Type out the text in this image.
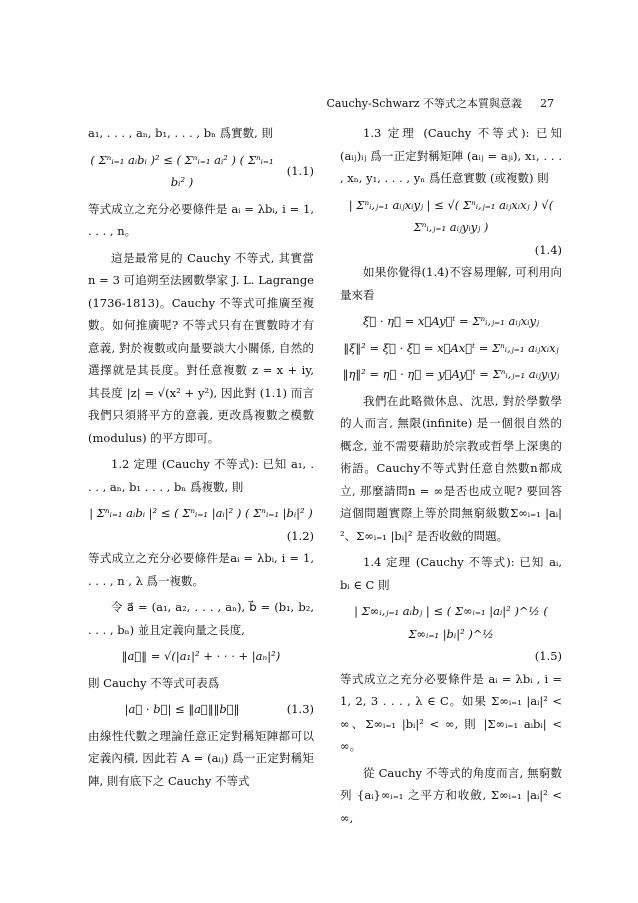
Cauchy-Schwarz 不等式之本質與意義 27

a₁, . . . , aₙ, b₁, . . . , bₙ 爲實數, 則

( Σⁿᵢ₌₁ aᵢbᵢ )² ≤ ( Σⁿᵢ₌₁ aᵢ² ) ( Σⁿᵢ₌₁ bᵢ² )
(1.1)

等式成立之充分必要條件是 aᵢ = λbᵢ, i = 1, . . . , n。

這是最常見的 Cauchy 不等式, 其實當 n = 3 可追朔至法國數學家 J. L. Lagrange (1736-1813)。Cauchy 不等式可推廣至複數。如何推廣呢? 不等式只有在實數時才有意義, 對於複數或向量要談大小關係, 自然的選擇就是其長度。對任意複數 z = x + iy, 其長度 |z| = √(x² + y²), 因此對 (1.1) 而言我們只須將平方的意義, 更改爲複數之模數 (modulus) 的平方即可。

1.2 定理 (Cauchy 不等式): 已知 a₁, . . . , aₙ, b₁ . . . , bₙ 爲複數, 則

| Σⁿᵢ₌₁ aᵢbᵢ |² ≤ ( Σⁿᵢ₌₁ |aᵢ|² ) ( Σⁿᵢ₌₁ |bᵢ|² )
(1.2)

等式成立之充分必要條件是aᵢ = λbᵢ, i = 1, . . . , n , λ 爲一複數。

令 a⃗ = (a₁, a₂, . . . , aₙ), b⃗ = (b₁, b₂, . . . , bₙ) 並且定義向量之長度,

‖a⃗‖ = √(|a₁|² + · · · + |aₙ|²)

則 Cauchy 不等式可表爲

|a⃗ · b⃗| ≤ ‖a⃗‖‖b⃗‖	(1.3)

由線性代數之理論任意正定對稱矩陣都可以定義內積, 因此若 A = (aᵢⱼ) 爲一正定對稱矩陣, 則有底下之 Cauchy 不等式

1.3 定理 (Cauchy 不等式): 已知 (aᵢⱼ)ᵢⱼ 爲一正定對稱矩陣 (aᵢⱼ = aⱼᵢ), x₁, . . . , xₙ, y₁, . . . , yₙ 爲任意實數 (或複數) 則

| Σⁿᵢ,ⱼ₌₁ aᵢⱼxᵢyⱼ | ≤ √( Σⁿᵢ,ⱼ₌₁ aᵢⱼxᵢxⱼ ) √( Σⁿᵢ,ⱼ₌₁ aᵢⱼyᵢyⱼ )
(1.4)

如果你覺得(1.4)不容易理解, 可利用向量來看

ξ⃗ · η⃗ = x⃗Ay⃗ᵗ = Σⁿᵢ,ⱼ₌₁ aᵢⱼxᵢyⱼ
‖ξ‖² = ξ⃗ · ξ⃗ = x⃗Ax⃗ᵗ = Σⁿᵢ,ⱼ₌₁ aᵢⱼxᵢxⱼ
‖η‖² = η⃗ · η⃗ = y⃗Ay⃗ᵗ = Σⁿᵢ,ⱼ₌₁ aᵢⱼyᵢyⱼ

我們在此略微休息、沈思, 對於學數學的人而言, 無限(infinite) 是一個很自然的概念, 並不需要藉助於宗教或哲學上深奧的術語。Cauchy不等式對任意自然數n都成立, 那麼請問n = ∞是否也成立呢? 要回答這個問題實際上等於問無窮級數Σ∞ᵢ₌₁ |aᵢ|²、Σ∞ᵢ₌₁ |bᵢ|² 是否收斂的問題。

1.4 定理 (Cauchy 不等式): 已知 aᵢ, bᵢ ∈ C 則

| Σ∞ᵢ,ⱼ₌₁ aᵢbⱼ | ≤ ( Σ∞ᵢ₌₁ |aᵢ|² )^½ ( Σ∞ᵢ₌₁ |bᵢ|² )^½
(1.5)

等式成立之充分必要條件是 aᵢ = λbᵢ , i = 1, 2, 3 . . . , λ ∈ C。如果 Σ∞ᵢ₌₁ |aᵢ|² < ∞、Σ∞ᵢ₌₁ |bᵢ|² < ∞, 則 |Σ∞ᵢ₌₁ aᵢbᵢ| < ∞。

從 Cauchy 不等式的角度而言, 無窮數列 {aᵢ}∞ᵢ₌₁ 之平方和收斂, Σ∞ᵢ₌₁ |aᵢ|² < ∞,
